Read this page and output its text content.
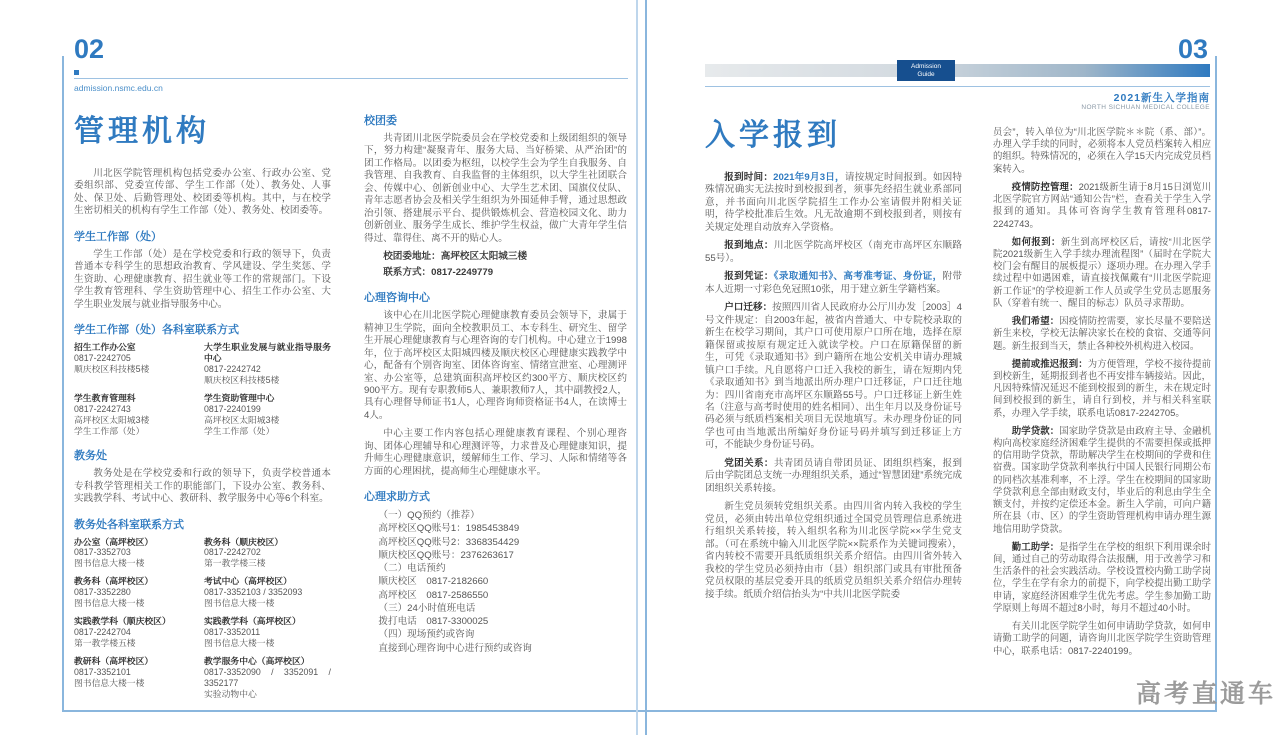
02
admission.nsmc.edu.cn
03
Admission
Guide
2021新生入学指南
NORTH SICHUAN MEDICAL COLLEGE
管理机构

川北医学院管理机构包括党委办公室、行政办公室、党委组织部、党委宣传部、学生工作部（处）、教务处、人事处、保卫处、后勤管理处、校团委等机构。其中，与在校学生密切相关的机构有学生工作部（处）、教务处、校团委等。

学生工作部（处）

学生工作部（处）是在学校党委和行政的领导下，负责普通本专科学生的思想政治教育、学风建设、学生奖惩、学生资助、心理健康教育、招生就业等工作的常规部门。下设学生教育管理科、学生资助管理中心、招生工作办公室、大学生职业发展与就业指导服务中心。

学生工作部（处）各科室联系方式
招生工作办公室
0817-2242705
顺庆校区科技楼5楼
大学生职业发展与就业指导服务中心
0817-2242742
顺庆校区科技楼5楼
学生教育管理科
0817-2242743
高坪校区太阳城3楼
学生工作部（处）
学生资助管理中心
0817-2240199
高坪校区太阳城3楼
学生工作部（处）
教务处

教务处是在学校党委和行政的领导下，负责学校普通本专科教学管理相关工作的职能部门，下设办公室、教务科、实践教学科、考试中心、教研科、教学服务中心等6个科室。

教务处各科室联系方式
办公室（高坪校区）
0817-3352703
图书信息大楼一楼
教务科（顺庆校区）
0817-2242702
第一教学楼三楼
教务科（高坪校区）
0817-3352280
图书信息大楼一楼
考试中心（高坪校区）
0817-3352103 / 3352093
图书信息大楼一楼
实践教学科（顺庆校区）
0817-2242704
第一教学楼五楼
实践教学科（高坪校区）
0817-3352011
图书信息大楼一楼
教研科（高坪校区）
0817-3352101
图书信息大楼一楼
教学服务中心（高坪校区）
0817-3352090 / 3352091 / 3352177
实验动物中心
校团委

共青团川北医学院委员会在学校党委和上级团组织的领导下，努力构建“凝聚青年、服务大局、当好桥梁、从严治团”的团工作格局。以团委为枢纽，以校学生会为学生自我服务、自我管理、自我教育、自我监督的主体组织，以大学生社团联合会、传媒中心、创新创业中心、大学生艺术团、国旗仪仗队、青年志愿者协会及相关学生组织为外围延伸手臂，通过思想政治引领、搭建展示平台、提供锻炼机会、营造校园文化、助力创新创业、服务学生成长、维护学生权益，做广大青年学生信得过、靠得住、离不开的贴心人。

校团委地址：高坪校区太阳城三楼

联系方式：0817-2249779

心理咨询中心

该中心在川北医学院心理健康教育委员会领导下，隶属于精神卫生学院，面向全校教职员工、本专科生、研究生、留学生开展心理健康教育与心理咨询的专门机构。中心建立于1998年，位于高坪校区太阳城四楼及顺庆校区心理健康实践教学中心，配备有个别咨询室、团体咨询室、情绪宣泄室、心理测评室、办公室等，总建筑面积高坪校区约300平方、顺庆校区约900平方。现有专职教师5人、兼职教师7人，其中副教授2人，具有心理督导师证书1人，心理咨询师资格证书4人，在读博士4人。

中心主要工作内容包括心理健康教育课程、个别心理咨询、团体心理辅导和心理测评等，力求普及心理健康知识，提升师生心理健康意识，缓解师生工作、学习、人际和情绪等各方面的心理困扰，提高师生心理健康水平。

心理求助方式
（一）QQ预约（推荐）
高坪校区QQ账号1：1985453849
高坪校区QQ账号2：3368354429
顺庆校区QQ账号：2376263617
（二）电话预约
顺庆校区　0817-2182660
高坪校区　0817-2586550
（三）24小时值班电话
拨打电话　0817-3300025
（四）现场预约或咨询
直接到心理咨询中心进行预约或咨询
入学报到

报到时间：2021年9月3日，请按规定时间报到。如因特殊情况确实无法按时到校报到者，须事先经招生就业系部同意，并书面向川北医学院招生工作办公室请假并附相关证明，待学校批准后生效。凡无故逾期不到校报到者，则按有关规定处理自动放弃入学资格。

报到地点：川北医学院高坪校区（南充市高坪区东顺路55号）。

报到凭证：《录取通知书》、高考准考证、身份证，附带本人近期一寸彩色免冠照10张，用于建立新生学籍档案。

户口迁移：按照四川省人民政府办公厅川办发［2003］4号文件规定：自2003年起，被省内普通大、中专院校录取的新生在校学习期间，其户口可使用原户口所在地，选择在原籍保留或按原有规定迁入就读学校。户口在原籍保留的新生，可凭《录取通知书》到户籍所在地公安机关申请办理城镇户口手续。凡自愿将户口迁入我校的新生，请在短期内凭《录取通知书》到当地派出所办理户口迁移证，户口迁往地为：四川省南充市高坪区东顺路55号。户口迁移证上新生姓名（注意与高考时使用的姓名相同）、出生年月以及身份证号码必须与纸质档案相关项目无误地填写。未办理身份证的同学也可由当地派出所编好身份证号码并填写到迁移证上方可，不能缺少身份证号码。

党团关系：共青团员请自带团员证、团组织档案，报到后由学院团总支统一办理组织关系，通过“智慧团建”系统完成团组织关系转接。

新生党员须转党组织关系。由四川省内转入我校的学生党员，必须由转出单位党组织通过全国党员管理信息系统进行组织关系转接，转入组织名称为川北医学院××学生党支部。（可在系统中输入川北医学院××院系作为关键词搜索），省内转校不需要开具纸质组织关系介绍信。由四川省外转入我校的学生党员必须持由市（县）组织部门或具有审批预备党员权限的基层党委开具的纸质党员组织关系介绍信办理转接手续。纸质介绍信抬头为“中共川北医学院委

员会”，转入单位为“川北医学院＊＊院（系、部）”。办理入学手续的同时，必须将本人党员档案转入相应的组织。特殊情况的，必须在入学15天内完成党员档案转入。

疫情防控管理：2021级新生请于8月15日浏览川北医学院官方网站“通知公告”栏，查看关于学生入学报到的通知。具体可咨询学生教育管理科0817-2242743。

如何报到：新生到高坪校区后，请按“川北医学院2021级新生入学手续办理流程图”（届时在学院大校门会有醒目的展板提示）逐项办理。在办理入学手续过程中如遇困难，请直接找佩戴有“川北医学院迎新工作证”的学校迎新工作人员或学生党员志愿服务队（穿着有统一、醒目的标志）队员寻求帮助。

我们希望：因疫情防控需要，家长尽量不要陪送新生来校，学校无法解决家长在校的食宿、交通等问题。新生报到当天，禁止各种校外机构进入校园。

提前或推迟报到：为方便管理，学校不接待提前到校新生，延期报到者也不再安排车辆接站。因此，凡因特殊情况延迟不能到校报到的新生，未在规定时间到校报到的新生，请自行到校，并与相关科室联系，办理入学手续，联系电话0817-2242705。

助学贷款：国家助学贷款是由政府主导、金融机构向高校家庭经济困难学生提供的不需要担保或抵押的信用助学贷款，帮助解决学生在校期间的学费和住宿费。国家助学贷款利率执行中国人民银行同期公布的同档次基准利率，不上浮。学生在校期间的国家助学贷款利息全部由财政支付，毕业后的利息由学生全额支付，并按约定偿还本金。新生入学前，可向户籍所在县（市、区）的学生资助管理机构申请办理生源地信用助学贷款。

勤工助学：是指学生在学校的组织下利用课余时间，通过自己的劳动取得合法报酬，用于改善学习和生活条件的社会实践活动。学校设置校内勤工助学岗位，学生在学有余力的前提下，向学校提出勤工助学申请，家庭经济困难学生优先考虑。学生参加勤工助学原则上每周不超过8小时，每月不超过40小时。

有关川北医学院学生如何申请助学贷款，如何申请勤工助学的问题，请咨询川北医学院学生资助管理中心，联系电话：0817-2240199。

高考直通车
